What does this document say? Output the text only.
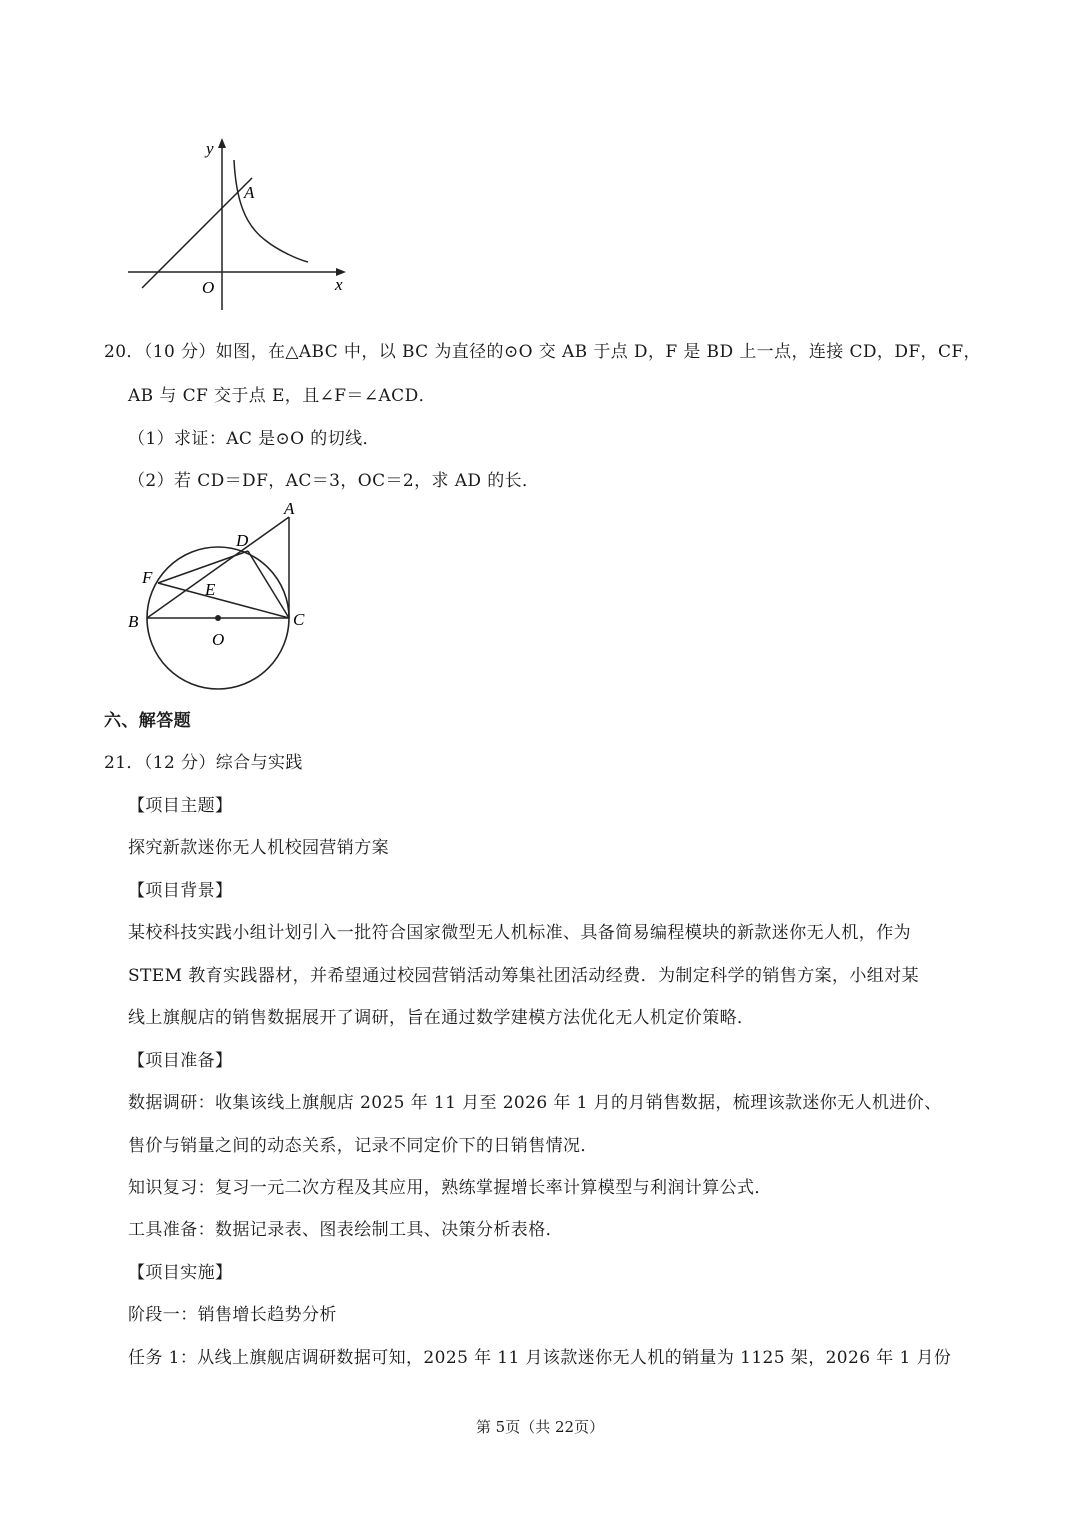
y
x
O
A
20．（10 分）如图，在△ABC 中，以 BC 为直径的⊙O 交 AB 于点 D，F 是 BD 上一点，连接 CD，DF，CF，
AB 与 CF 交于点 E，且∠F＝∠ACD．
（1）求证：AC 是⊙O 的切线．
（2）若 CD＝DF，AC＝3，OC＝2，求 AD 的长．
A
D
F
E
B
O
C
六、解答题
21．（12 分）综合与实践
【项目主题】
探究新款迷你无人机校园营销方案
【项目背景】
某校科技实践小组计划引入一批符合国家微型无人机标准、具备简易编程模块的新款迷你无人机，作为
STEM 教育实践器材，并希望通过校园营销活动筹集社团活动经费．为制定科学的销售方案，小组对某
线上旗舰店的销售数据展开了调研，旨在通过数学建模方法优化无人机定价策略．
【项目准备】
数据调研：收集该线上旗舰店 2025 年 11 月至 2026 年 1 月的月销售数据，梳理该款迷你无人机进价、
售价与销量之间的动态关系，记录不同定价下的日销售情况．
知识复习：复习一元二次方程及其应用，熟练掌握增长率计算模型与利润计算公式．
工具准备：数据记录表、图表绘制工具、决策分析表格．
【项目实施】
阶段一：销售增长趋势分析
任务 1：从线上旗舰店调研数据可知，2025 年 11 月该款迷你无人机的销量为 1125 架，2026 年 1 月份
第 5页（共 22页）
